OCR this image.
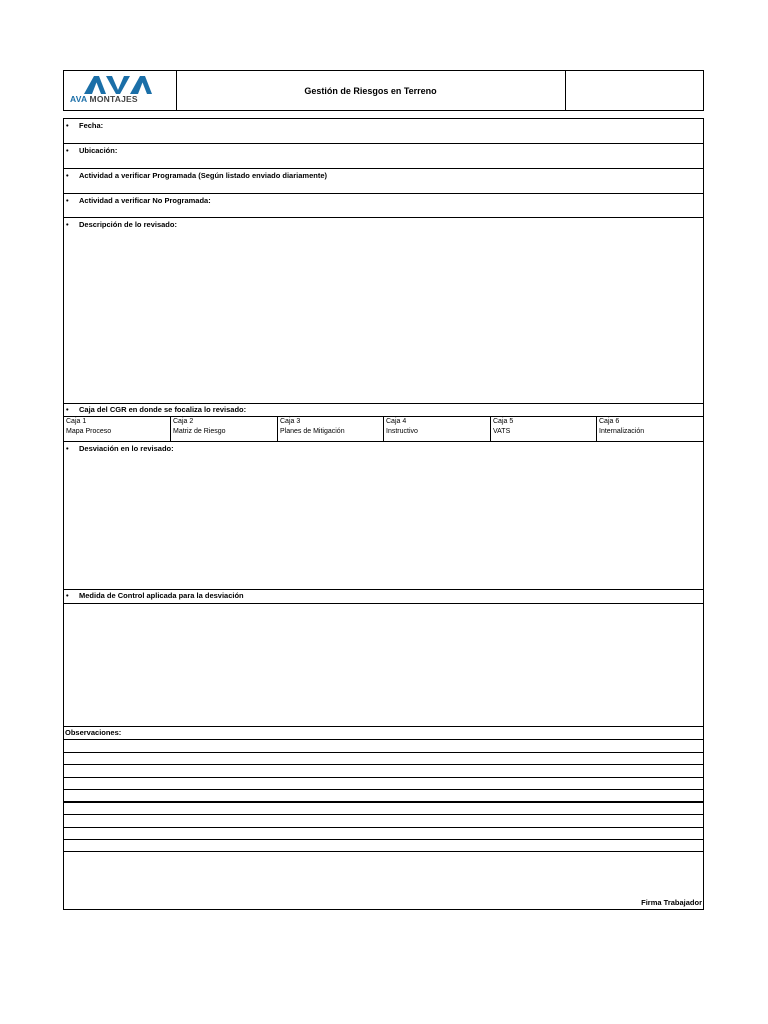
AVA MONTAJES
Gestión de Riesgos en Terreno
• Fecha:
• Ubicación:
• Actividad a verificar Programada (Según listado enviado diariamente)
• Actividad a verificar No Programada:
• Descripción de lo revisado:
• Caja del CGR en donde se focaliza lo revisado:
Caja 1
Mapa Proceso
Caja 2
Matriz de Riesgo
Caja 3
Planes de Mitigación
Caja 4
Instructivo
Caja 5
VATS
Caja 6
Internalización
• Desviación en lo revisado:
• Medida de Control aplicada para la desviación
Observaciones:
Firma Trabajador
